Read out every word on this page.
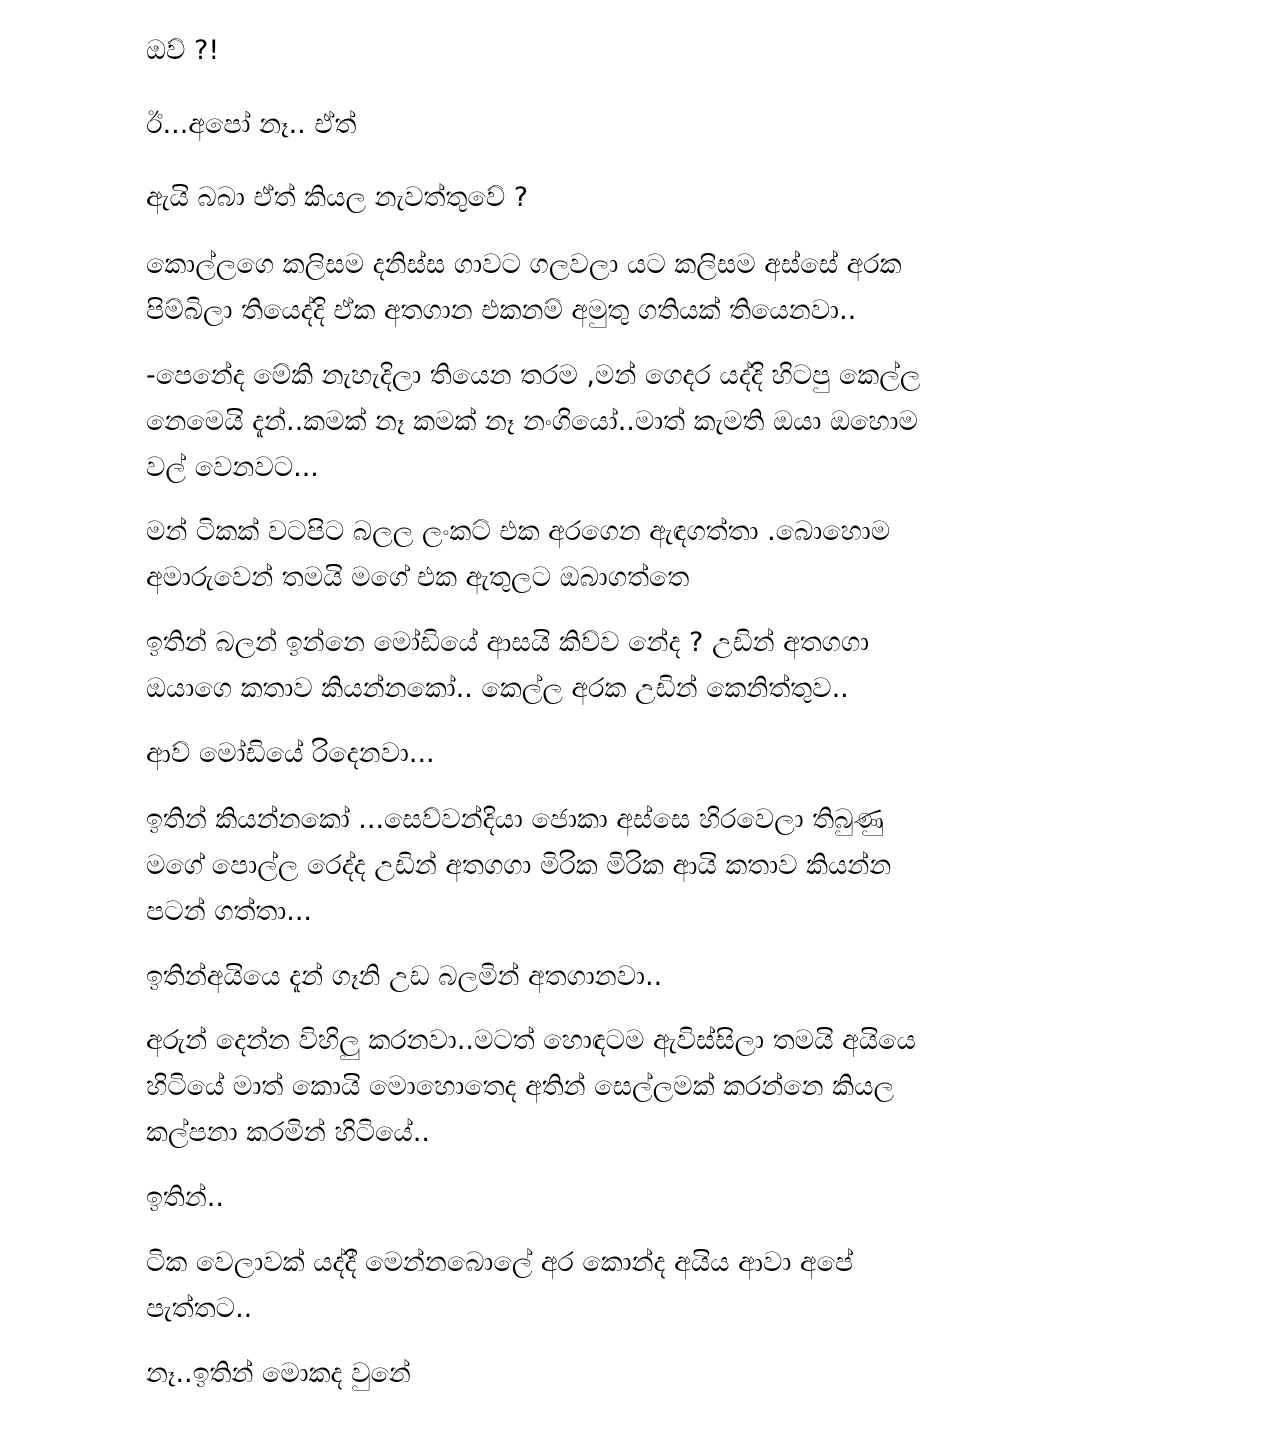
ඔව් ?!

ඊ...අපෝ නෑ.. ඒත්

ඇයි බබා ඒත් කියල නැවත්තුවේ ?

කොල්ලගෙ කලිසම දනිස්ස ගාවට ගලවලා යට කලිසම අස්සේ අරක
පිම්බිලා තියෙද්දි ඒක අතගාන එකනම් අමුතු ගතියක් තියෙනවා..

-පෙනේද මේකි නැහැදිලා තියෙන තරම ,මන් ගෙදර යද්දි හිටපු කෙල්ල
නෙමෙයි දැන්..කමක් නෑ කමක් නෑ නංගියෝ..මාත් කැමති ඔයා ඔහොම
වල් වෙනවට...

මන් ටිකක් වටපිට බලල ලංකට් එක අරගෙන ඇඳගත්තා .බොහොම
අමාරුවෙන් තමයි මගේ එක ඇතුලට ඔබාගත්තෙ

ඉතින් බලන් ඉන්නෙ මෝඩියේ ආසයි කිව්ව නේද ? උඩින් අතගගා
ඔයාගෙ කතාව කියන්නකෝ.. කෙල්ල අරක උඩින් කෙනිත්තුව..

ආව් මෝඩියේ රිදෙනවා...

ඉතින් කියන්නකෝ ...සෙව්වන්දියා ජොකා අස්සෙ හිරවෙලා තිබුණු
මගේ පොල්ල රෙද්ද උඩින් අතගගා මිරික මිරික ආයි කතාව කියන්න
පටන් ගත්තා...

ඉතින්අයියෙ දැන් ගෑනි උඩ බලමින් අතගානවා..

අරුන් දෙන්න විහිලු කරනවා..මටත් හොඳටම ඇවිස්සිලා තමයි අයියෙ
හිටියේ මාත් කොයි මොහොතෙද අතින් සෙල්ලමක් කරන්නෙ කියල
කල්පනා කරමින් හිටියේ..

ඉතින්..

ටික වෙලාවක් යද්දී මෙන්නබොලේ අර කොන්ද අයිය ආවා අපේ
පැත්තට..

නෑ..ඉතින් මොකද වුනේ
